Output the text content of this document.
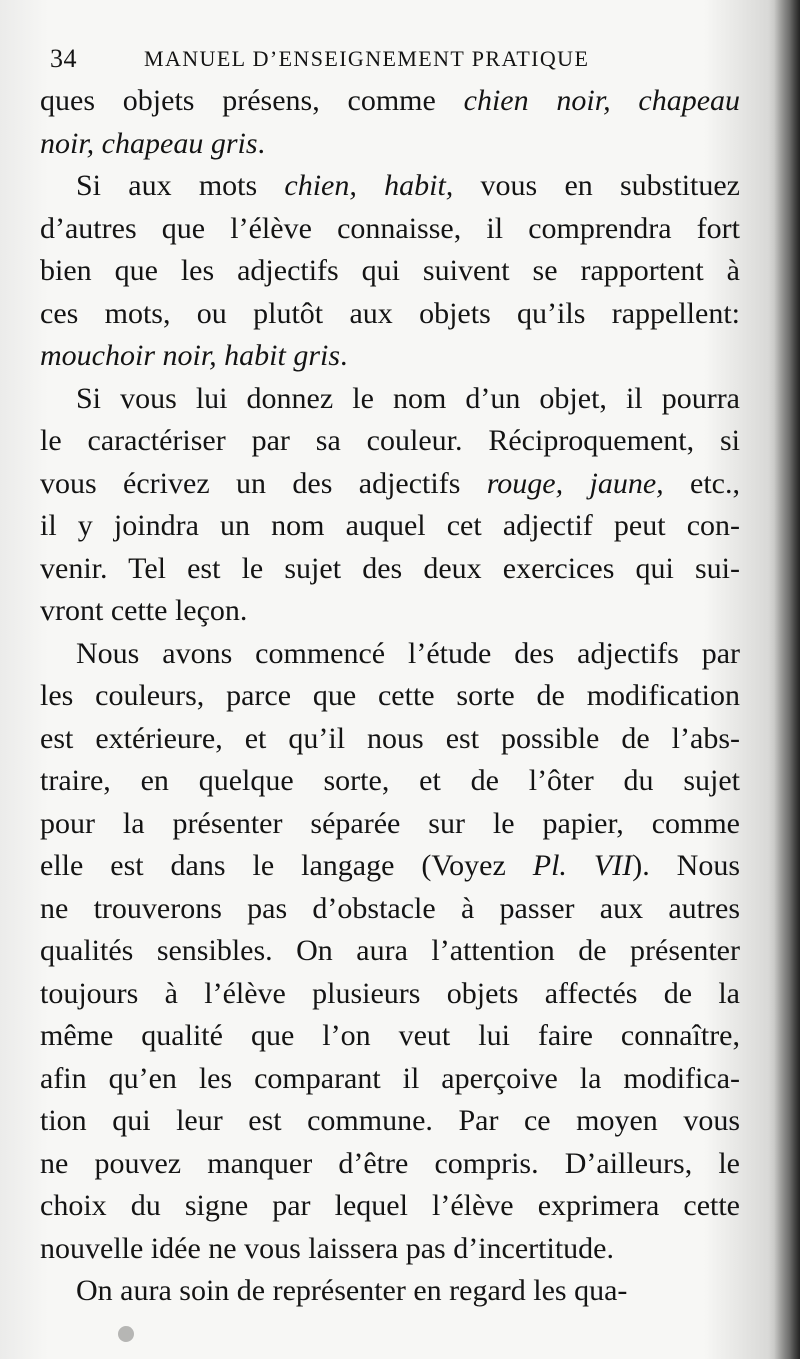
34	MANUEL D’ENSEIGNEMENT PRATIQUE
ques objets présens, comme chien noir, chapeau
noir, chapeau gris.
Si aux mots chien, habit, vous en substituez
d’autres que l’élève connaisse, il comprendra fort
bien que les adjectifs qui suivent se rapportent à
ces mots, ou plutôt aux objets qu’ils rappellent:
mouchoir noir, habit gris.
Si vous lui donnez le nom d’un objet, il pourra
le caractériser par sa couleur. Réciproquement, si
vous écrivez un des adjectifs rouge, jaune, etc.,
il y joindra un nom auquel cet adjectif peut con-
venir. Tel est le sujet des deux exercices qui sui-
vront cette leçon.
Nous avons commencé l’étude des adjectifs par
les couleurs, parce que cette sorte de modification
est extérieure, et qu’il nous est possible de l’abs-
traire, en quelque sorte, et de l’ôter du sujet
pour la présenter séparée sur le papier, comme
elle est dans le langage (Voyez Pl. VII). Nous
ne trouverons pas d’obstacle à passer aux autres
qualités sensibles. On aura l’attention de présenter
toujours à l’élève plusieurs objets affectés de la
même qualité que l’on veut lui faire connaître,
afin qu’en les comparant il aperçoive la modifica-
tion qui leur est commune. Par ce moyen vous
ne pouvez manquer d’être compris. D’ailleurs, le
choix du signe par lequel l’élève exprimera cette
nouvelle idée ne vous laissera pas d’incertitude.
On aura soin de représenter en regard les qua-
